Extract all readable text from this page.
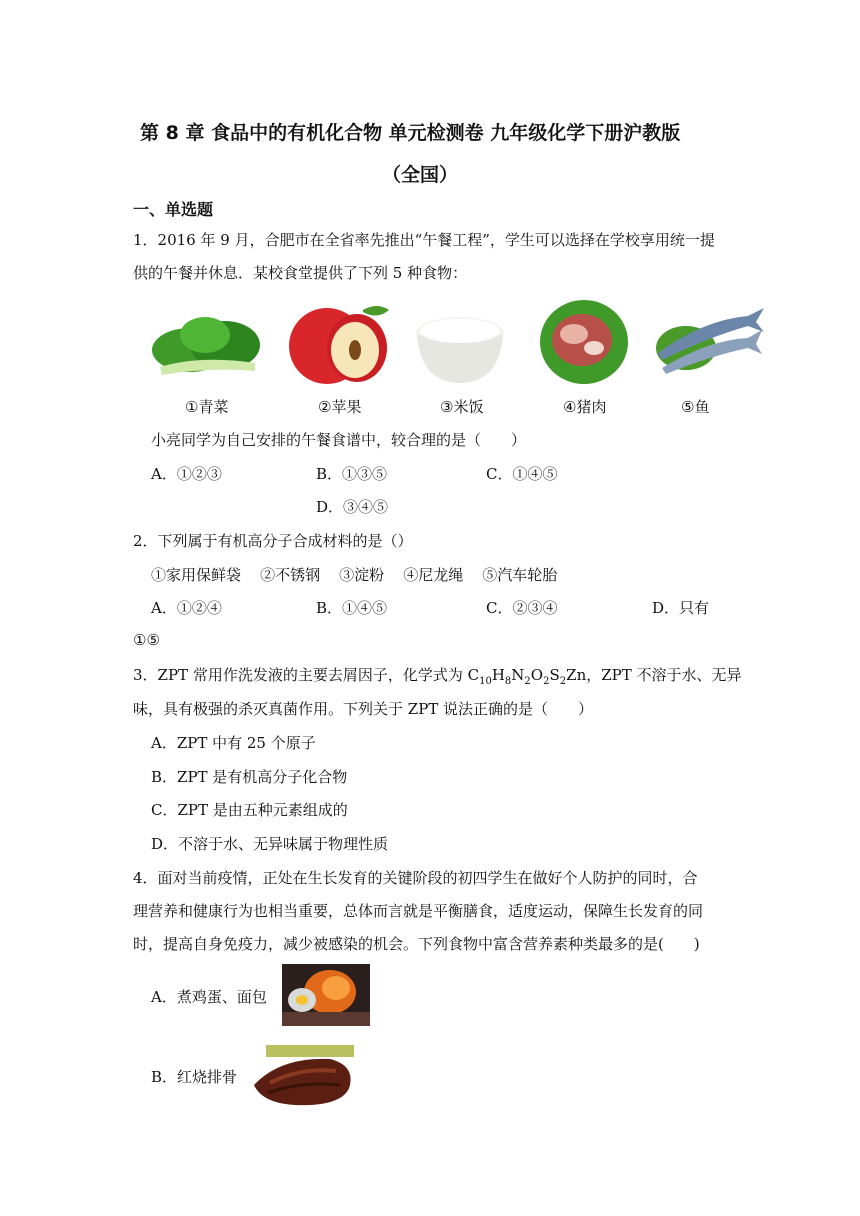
第 8 章 食品中的有机化合物 单元检测卷 九年级化学下册沪教版
（全国）
一、单选题
1．2016 年 9 月，合肥市在全省率先推出“午餐工程”，学生可以选择在学校享用统一提
供的午餐并休息．某校食堂提供了下列 5 种食物：
①青菜	②苹果	③米饭	④猪肉	⑤鱼
小亮同学为自己安排的午餐食谱中，较合理的是（　　）
A．①②③	B．①③⑤	C．①④⑤
D．③④⑤
2．下列属于有机高分子合成材料的是（）
①家用保鲜袋    ②不锈钢    ③淀粉    ④尼龙绳    ⑤汽车轮胎
A．①②④	B．①④⑤	C．②③④	D．只有
①⑤
3．ZPT 常用作洗发液的主要去屑因子，化学式为 $C_{10}H_8N_2O_2S_2Zn$，ZPT 不溶于水、无异
味，具有极强的杀灭真菌作用。下列关于 ZPT 说法正确的是（　　）
A．ZPT 中有 25 个原子
B．ZPT 是有机高分子化合物
C．ZPT 是由五种元素组成的
D．不溶于水、无异味属于物理性质
4．面对当前疫情，正处在生长发育的关键阶段的初四学生在做好个人防护的同时，合
理营养和健康行为也相当重要，总体而言就是平衡膳食，适度运动，保障生长发育的同
时，提高自身免疫力，减少被感染的机会。下列食物中富含营养素种类最多的是(　　)
A．煮鸡蛋、面包
B．红烧排骨
